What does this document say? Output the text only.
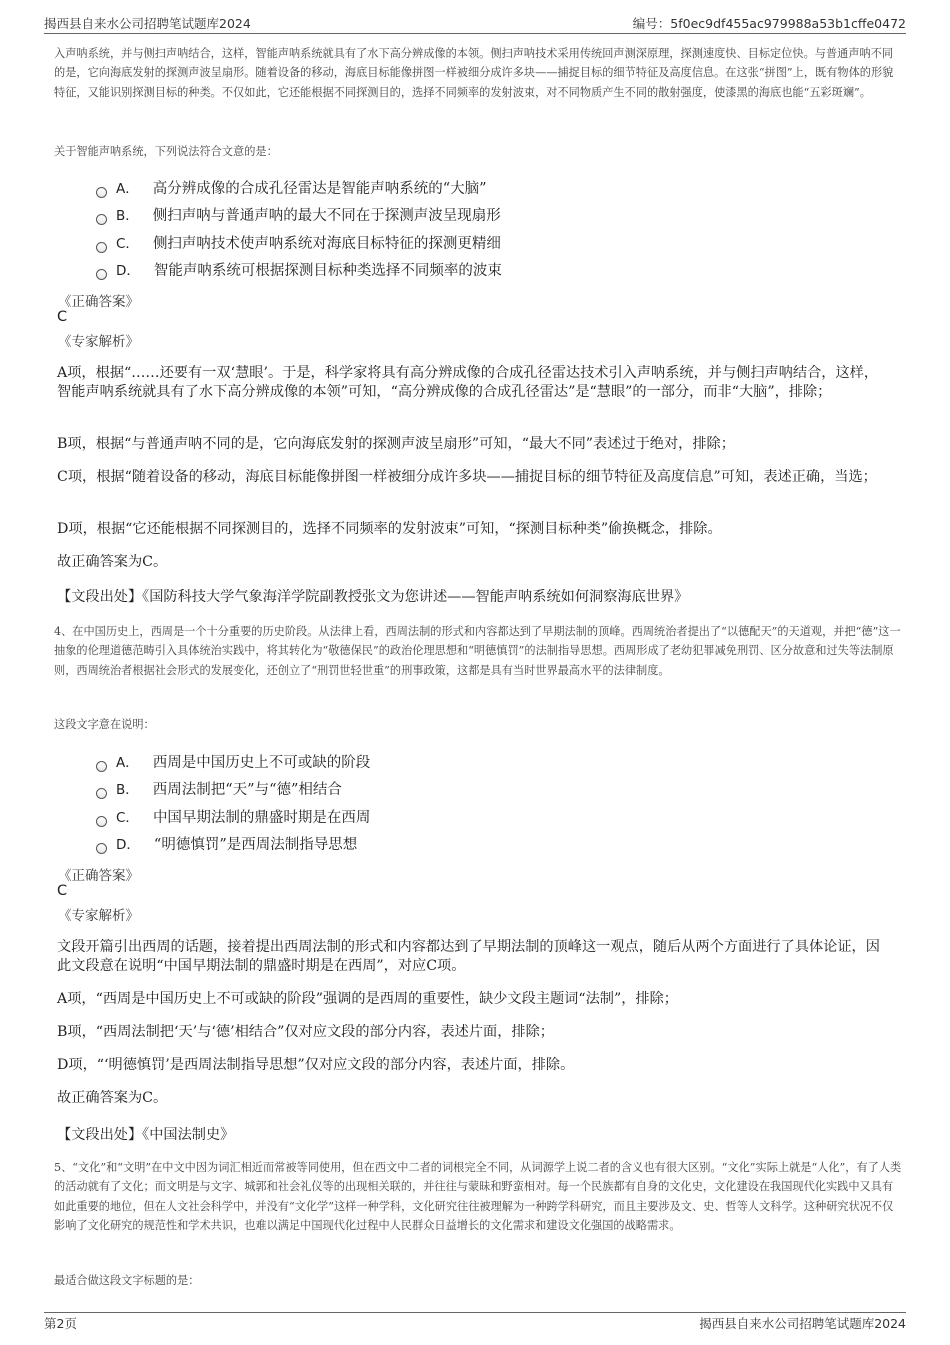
揭西县自来水公司招聘笔试题库2024	编号：5f0ec9df455ac979988a53b1cffe0472

入声呐系统，并与侧扫声呐结合，这样，智能声呐系统就具有了水下高分辨成像的本领。侧扫声呐技术采用传统回声测深原理，探测速度快、目标定位快。与普通声呐不同的是，它向海底发射的探测声波呈扇形。随着设备的移动，海底目标能像拼图一样被细分成许多块——捕捉目标的细节特征及高度信息。在这张“拼图”上，既有物体的形貌特征，又能识别探测目标的种类。不仅如此，它还能根据不同探测目的，选择不同频率的发射波束，对不同物质产生不同的散射强度，使漆黑的海底也能“五彩斑斓”。

关于智能声呐系统，下列说法符合文意的是：

A． 高分辨成像的合成孔径雷达是智能声呐系统的“大脑”
B． 侧扫声呐与普通声呐的最大不同在于探测声波呈现扇形
C． 侧扫声呐技术使声呐系统对海底目标特征的探测更精细
D． 智能声呐系统可根据探测目标种类选择不同频率的波束

《正确答案》

C

《专家解析》

A项，根据“……还要有一双‘慧眼’。于是，科学家将具有高分辨成像的合成孔径雷达技术引入声呐系统，并与侧扫声呐结合，这样，智能声呐系统就具有了水下高分辨成像的本领”可知，“高分辨成像的合成孔径雷达”是“慧眼”的一部分，而非“大脑”，排除；

B项，根据“与普通声呐不同的是，它向海底发射的探测声波呈扇形”可知，“最大不同”表述过于绝对，排除；

C项，根据“随着设备的移动，海底目标能像拼图一样被细分成许多块——捕捉目标的细节特征及高度信息”可知，表述正确，当选；

D项，根据“它还能根据不同探测目的，选择不同频率的发射波束”可知，“探测目标种类”偷换概念，排除。

故正确答案为C。

【文段出处】《国防科技大学气象海洋学院副教授张文为您讲述——智能声呐系统如何洞察海底世界》

4、在中国历史上，西周是一个十分重要的历史阶段。从法律上看，西周法制的形式和内容都达到了早期法制的顶峰。西周统治者提出了“以德配天”的天道观，并把“德”这一抽象的伦理道德范畴引入具体统治实践中，将其转化为“敬德保民”的政治伦理思想和“明德慎罚”的法制指导思想。西周形成了老幼犯罪减免刑罚、区分故意和过失等法制原则，西周统治者根据社会形式的发展变化，还创立了“刑罚世轻世重”的刑事政策，这都是具有当时世界最高水平的法律制度。

这段文字意在说明：

A． 西周是中国历史上不可或缺的阶段
B． 西周法制把“天”与“德”相结合
C． 中国早期法制的鼎盛时期是在西周
D． “明德慎罚”是西周法制指导思想

《正确答案》

C

《专家解析》

文段开篇引出西周的话题，接着提出西周法制的形式和内容都达到了早期法制的顶峰这一观点，随后从两个方面进行了具体论证，因此文段意在说明“中国早期法制的鼎盛时期是在西周”，对应C项。

A项，“西周是中国历史上不可或缺的阶段”强调的是西周的重要性，缺少文段主题词“法制”，排除；

B项，“西周法制把‘天’与‘德’相结合”仅对应文段的部分内容，表述片面，排除；

D项，“‘明德慎罚’是西周法制指导思想”仅对应文段的部分内容，表述片面，排除。

故正确答案为C。

【文段出处】《中国法制史》

5、“文化”和“文明”在中文中因为词汇相近而常被等同使用，但在西文中二者的词根完全不同，从词源学上说二者的含义也有很大区别。“文化”实际上就是“人化”，有了人类的活动就有了文化；而文明是与文字、城郭和社会礼仪等的出现相关联的，并往往与蒙昧和野蛮相对。每一个民族都有自身的文化史，文化建设在我国现代化实践中又具有如此重要的地位，但在人文社会科学中，并没有“文化学”这样一种学科，文化研究往往被理解为一种跨学科研究，而且主要涉及文、史、哲等人文科学。这种研究状况不仅影响了文化研究的规范性和学术共识，也难以满足中国现代化过程中人民群众日益增长的文化需求和建设文化强国的战略需求。

最适合做这段文字标题的是：

第2页	揭西县自来水公司招聘笔试题库2024
